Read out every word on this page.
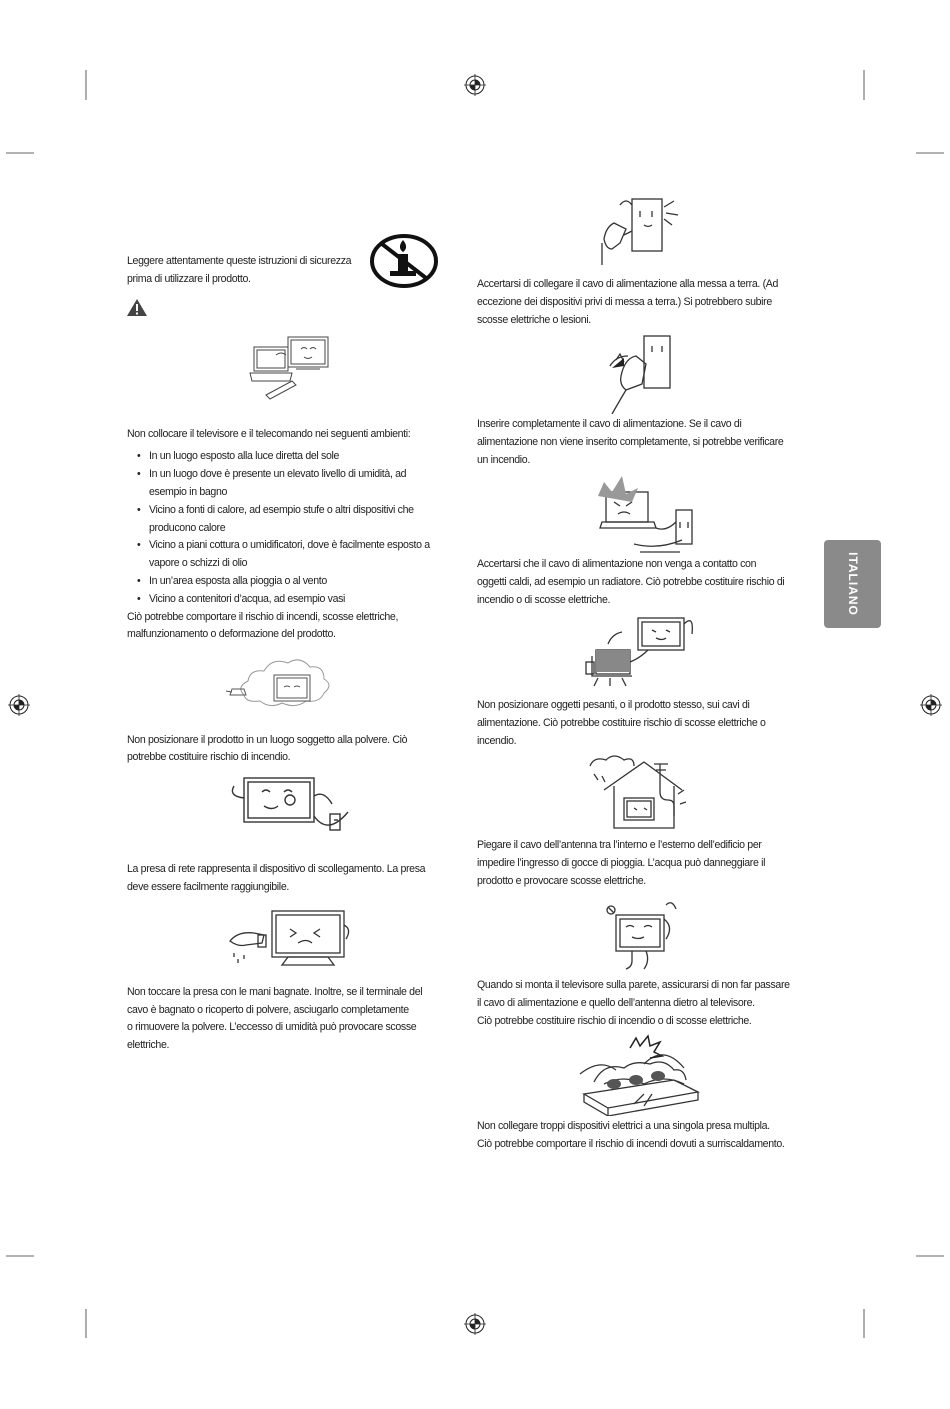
ITALIANO
Leggere attentamente queste istruzioni di sicurezza
prima di utilizzare il prodotto.
Non collocare il televisore e il telecomando nei seguenti ambienti:
• In un luogo esposto alla luce diretta del sole
• In un luogo dove è presente un elevato livello di umidità, ad
esempio in bagno
• Vicino a fonti di calore, ad esempio stufe o altri dispositivi che
producono calore
• Vicino a piani cottura o umidificatori, dove è facilmente esposto a
vapore o schizzi di olio
• In un’area esposta alla pioggia o al vento
• Vicino a contenitori d’acqua, ad esempio vasi
Ciò potrebbe comportare il rischio di incendi, scosse elettriche,
malfunzionamento o deformazione del prodotto.
Non posizionare il prodotto in un luogo soggetto alla polvere. Ciò
potrebbe costituire rischio di incendio.
La presa di rete rappresenta il dispositivo di scollegamento. La presa
deve essere facilmente raggiungibile.
Non toccare la presa con le mani bagnate. Inoltre, se il terminale del
cavo è bagnato o ricoperto di polvere, asciugarlo completamente
o rimuovere la polvere. L’eccesso di umidità può provocare scosse
elettriche.
Accertarsi di collegare il cavo di alimentazione alla messa a terra. (Ad
eccezione dei dispositivi privi di messa a terra.) Si potrebbero subire
scosse elettriche o lesioni.
Inserire completamente il cavo di alimentazione. Se il cavo di
alimentazione non viene inserito completamente, si potrebbe verificare
un incendio.
Accertarsi che il cavo di alimentazione non venga a contatto con
oggetti caldi, ad esempio un radiatore. Ciò potrebbe costituire rischio di
incendio o di scosse elettriche.
Non posizionare oggetti pesanti, o il prodotto stesso, sui cavi di
alimentazione. Ciò potrebbe costituire rischio di scosse elettriche o
incendio.
Piegare il cavo dell’antenna tra l’interno e l’esterno dell’edificio per
impedire l’ingresso di gocce di pioggia. L’acqua può danneggiare il
prodotto e provocare scosse elettriche.
Quando si monta il televisore sulla parete, assicurarsi di non far passare
il cavo di alimentazione e quello dell’antenna dietro al televisore.
Ciò potrebbe costituire rischio di incendio o di scosse elettriche.
Non collegare troppi dispositivi elettrici a una singola presa multipla.
Ciò potrebbe comportare il rischio di incendi dovuti a surriscaldamento.
